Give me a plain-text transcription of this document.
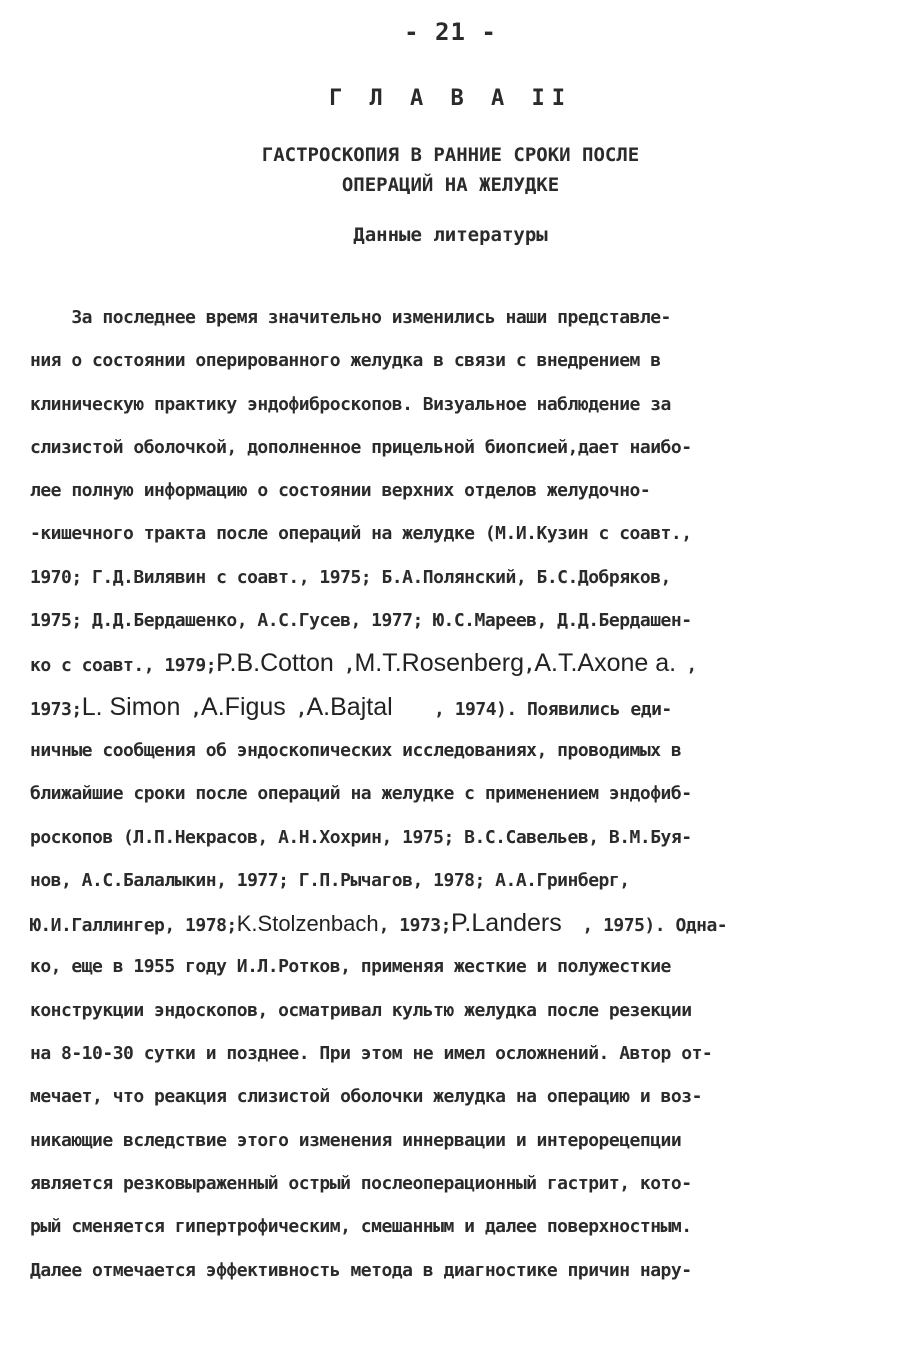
- 21 -
Г Л А В А II
ГАСТРОСКОПИЯ В РАННИЕ СРОКИ ПОСЛЕ
ОПЕРАЦИЙ НА ЖЕЛУДКЕ
Данные литературы
За последнее время значительно изменились наши представле-
ния о состоянии оперированного желудка в связи с внедрением в
клиническую практику эндофиброскопов. Визуальное наблюдение за
слизистой оболочкой, дополненное прицельной биопсией,дает наибо-
лее полную информацию о состоянии верхних отделов желудочно-
-кишечного тракта после операций на желудке (М.И.Кузин с соавт.,
1970; Г.Д.Вилявин с соавт., 1975; Б.А.Полянский, Б.С.Добряков,
1975; Д.Д.Бердашенко, А.С.Гусев, 1977; Ю.С.Мареев, Д.Д.Бердашен-
ко с соавт., 1979;P.B.Cotton ,M.T.Rosenberg,A.T.Axone a. ,
1973;L. Simon ,A.Figus ,A.Bajtal    , 1974). Появились еди-
ничные сообщения об эндоскопических исследованиях, проводимых в
ближайшие сроки после операций на желудке с применением эндофиб-
роскопов (Л.П.Некрасов, А.Н.Хохрин, 1975; В.С.Савельев, В.М.Буя-
нов, А.С.Балалыкин, 1977; Г.П.Рычагов, 1978; А.А.Гринберг,
Ю.И.Галлингер, 1978;K.Stolzenbach, 1973;P.Landers  , 1975). Одна-
ко, еще в 1955 году И.Л.Ротков, применяя жесткие и полужесткие
конструкции эндоскопов, осматривал культю желудка после резекции
на 8-10-30 сутки и позднее. При этом не имел осложнений. Автор от-
мечает, что реакция слизистой оболочки желудка на операцию и воз-
никающие вследствие этого изменения иннервации и интерорецепции
является резковыраженный острый послеоперационный гастрит, кото-
рый сменяется гипертрофическим, смешанным и далее поверхностным.
Далее отмечается эффективность метода в диагностике причин нару-
